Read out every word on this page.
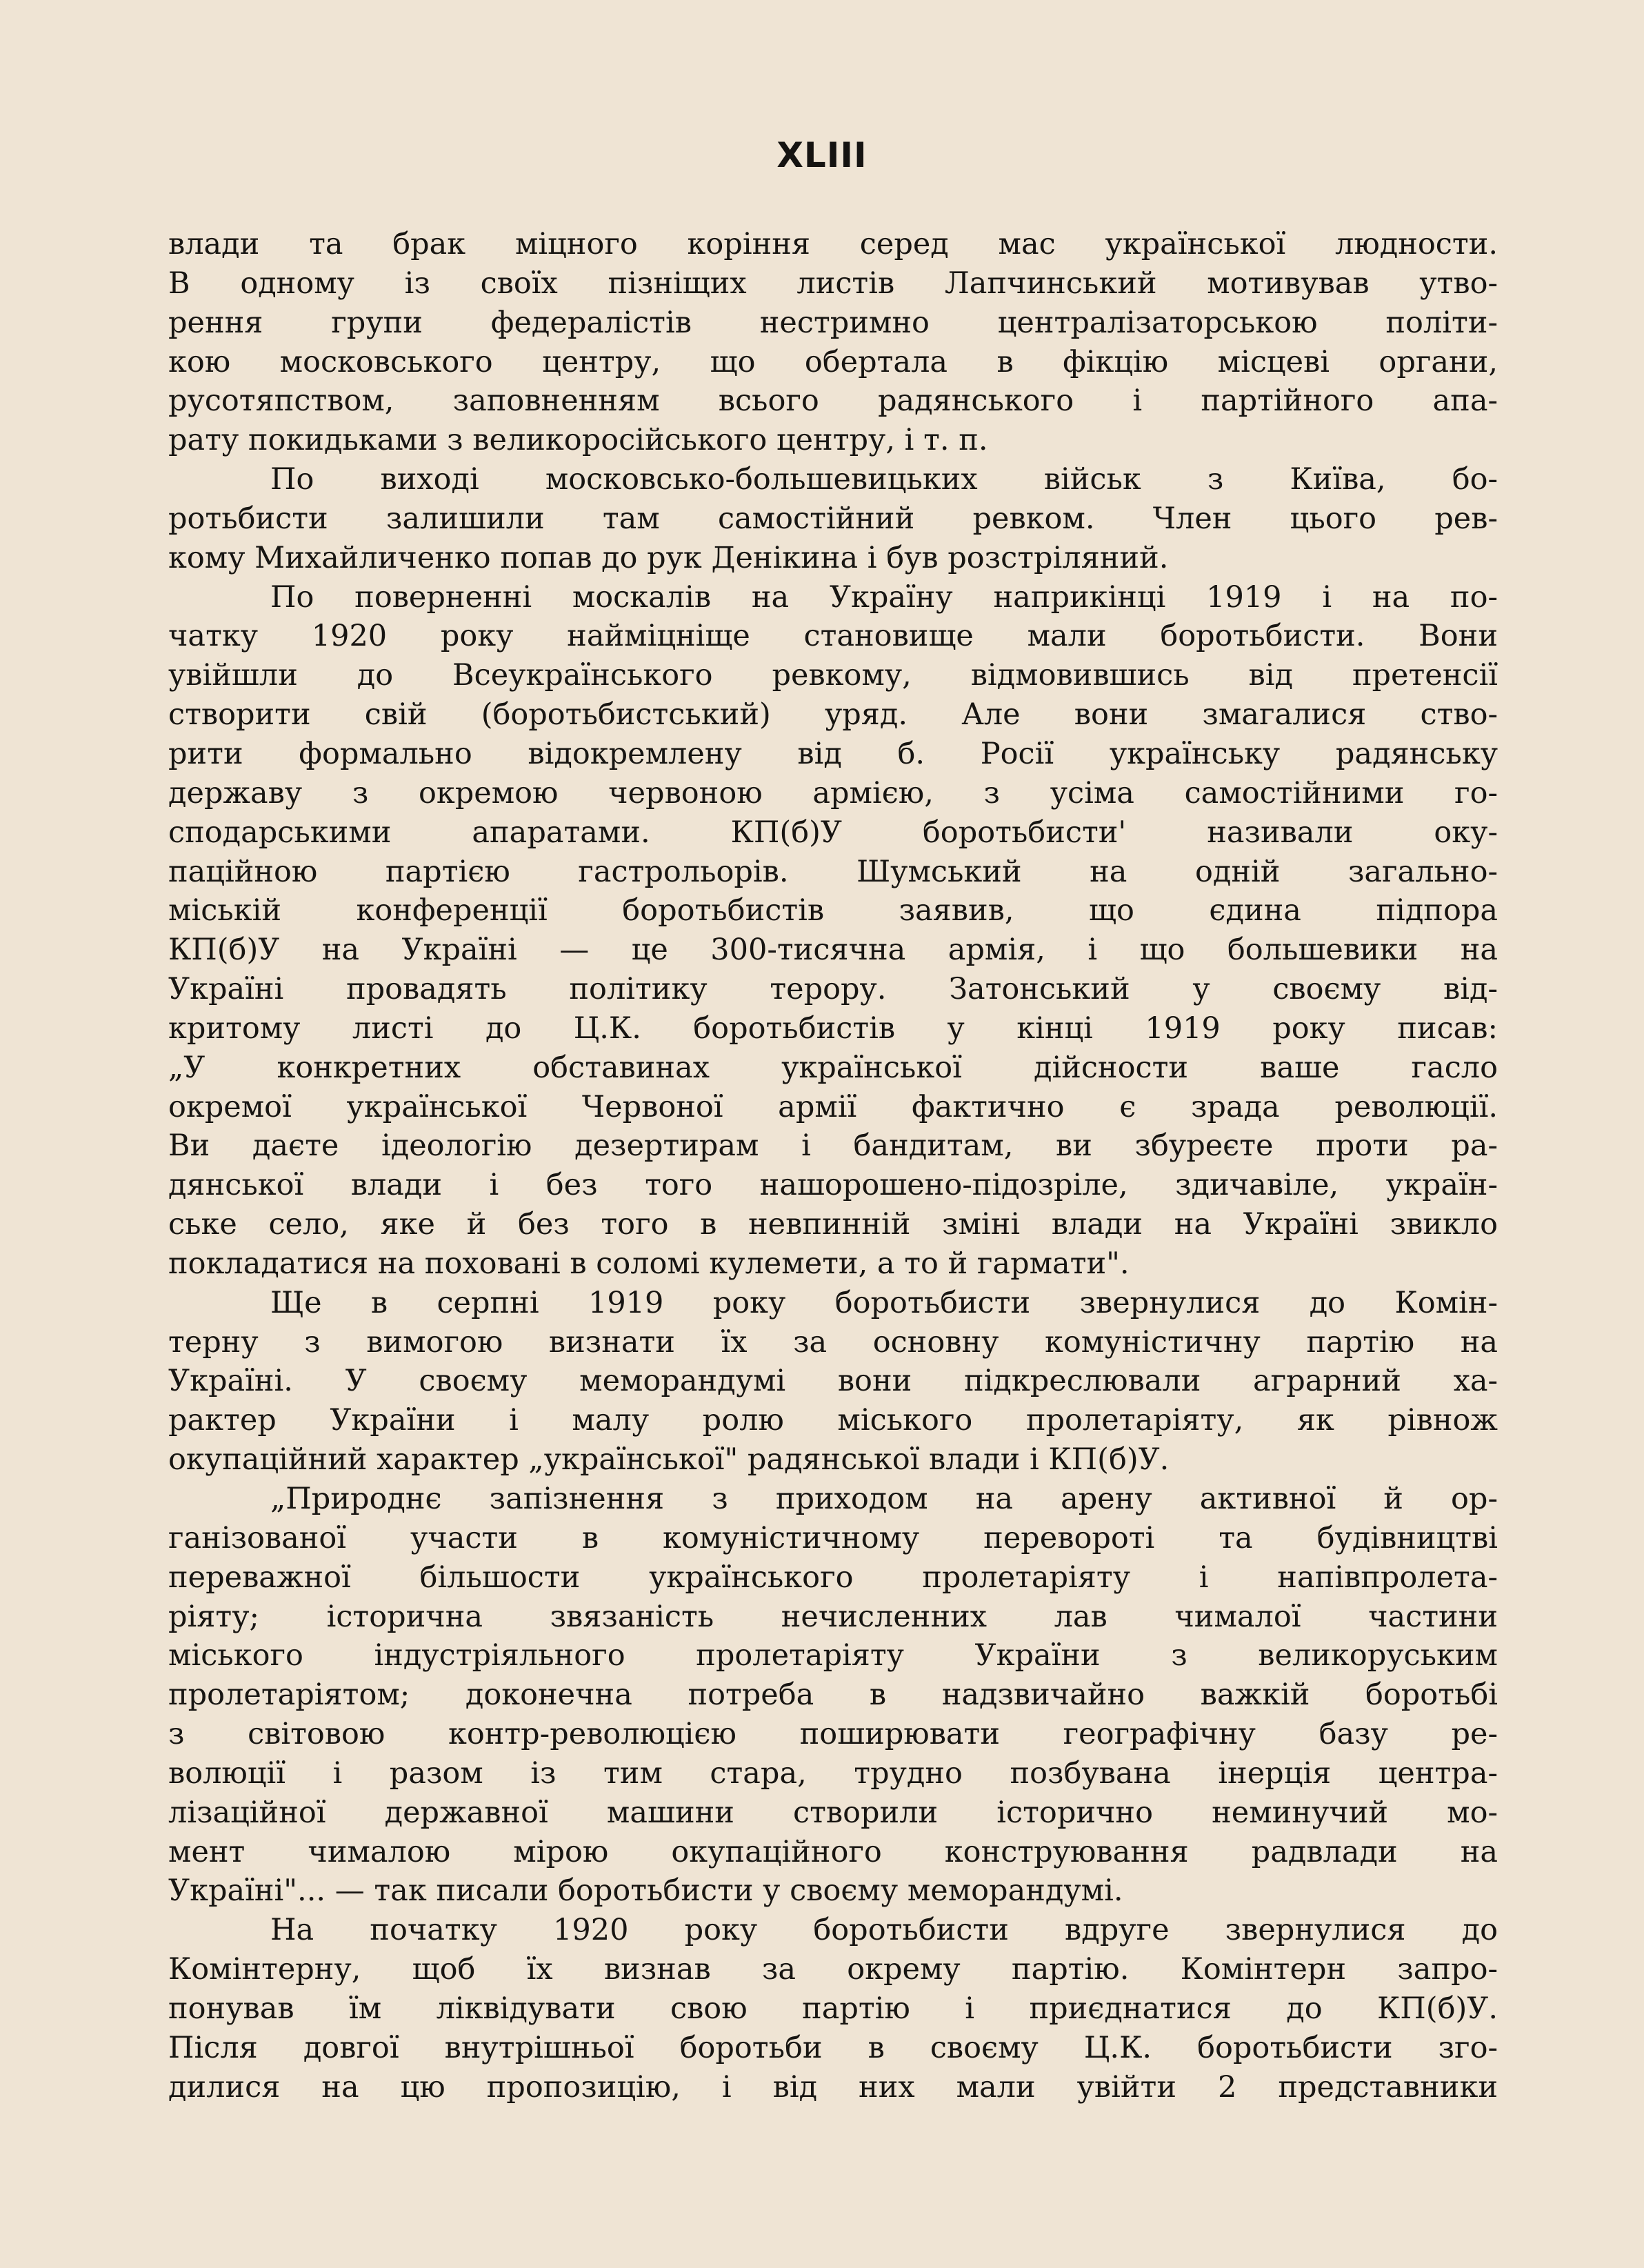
XLIII
влади та брак міцного коріння серед мас української людности.
В одному із своїх пізніщих листів Лапчинський мотивував утво-
рення групи федералістів нестримно централізаторською політи-
кою московського центру, що обертала в фікцію місцеві органи,
русотяпством, заповненням всього радянського і партійного апа-
рату покидьками з великоросійського центру, і т. п.
По виході московсько-большевицьких військ з Київа, бо-
ротьбисти залишили там самостійний ревком. Член цього рев-
кому Михайличенко попав до рук Денікина і був розстріляний.
По поверненні москалів на Україну наприкінці 1919 і на по-
чатку 1920 року найміцніще становище мали боротьбисти. Вони
увійшли до Всеукраїнського ревкому, відмовившись від претенсії
створити свій (боротьбистський) уряд. Але вони змагалися ство-
рити формально відокремлену від б. Росії українську радянську
державу з окремою червоною армією, з усіма самостійними го-
сподарськими апаратами. КП(б)У боротьбисти' називали оку-
паційною партією гастрольорів. Шумський на одній загально-
міській конференції боротьбистів заявив, що єдина підпора
КП(б)У на Україні — це 300-тисячна армія, і що большевики на
Україні провадять політику терору. Затонський у своєму від-
критому листі до Ц.К. боротьбистів у кінці 1919 року писав:
„У конкретних обставинах української дійсности ваше гасло
окремої української Червоної армії фактично є зрада революції.
Ви даєте ідеологію дезертирам і бандитам, ви збуреєте проти ра-
дянської влади і без того нашорошено-підозріле, здичавіле, україн-
ське село, яке й без того в невпинній зміні влади на Україні звикло
покладатися на поховані в соломі кулемети, а то й гармати".
Ще в серпні 1919 року боротьбисти звернулися до Комін-
терну з вимогою визнати їх за основну комуністичну партію на
Україні. У своєму меморандумі вони підкреслювали аграрний ха-
рактер України і малу ролю міського пролетаріяту, як рівнож
окупаційний характер „української" радянської влади і КП(б)У.
„Природнє запізнення з приходом на арену активної й ор-
ганізованої участи в комуністичному перевороті та будівництві
переважної більшости українського пролетаріяту і напівпролета-
ріяту; історична звязаність нечисленних лав чималої частини
міського індустріяльного пролетаріяту України з великоруським
пролетаріятом; доконечна потреба в надзвичайно важкій боротьбі
з світовою контр-революцією поширювати географічну базу ре-
волюції і разом із тим стара, трудно позбувана інерція центра-
лізаційної державної машини створили історично неминучий мо-
мент чималою мірою окупаційного конструювання радвлади на
Україні"... — так писали боротьбисти у своєму меморандумі.
На початку 1920 року боротьбисти вдруге звернулися до
Комінтерну, щоб їх визнав за окрему партію. Комінтерн запро-
понував їм ліквідувати свою партію і приєднатися до КП(б)У.
Після довгої внутрішньої боротьби в своєму Ц.К. боротьбисти зго-
дилися на цю пропозицію, і від них мали увійти 2 представники
